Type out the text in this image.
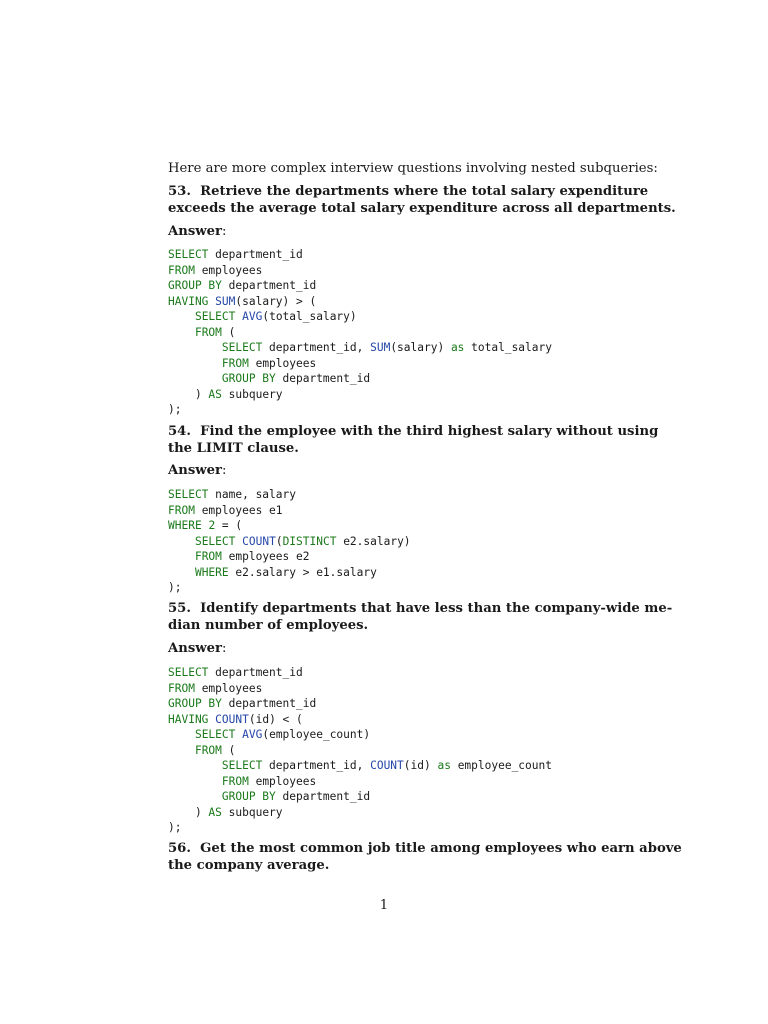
Here are more complex interview questions involving nested subqueries:
53. Retrieve the departments where the total salary expenditure
exceeds the average total salary expenditure across all departments.
Answer:
SELECT department_id
FROM employees
GROUP BY department_id
HAVING SUM(salary) > (
SELECT AVG(total_salary)
FROM (
SELECT department_id, SUM(salary) as total_salary
FROM employees
GROUP BY department_id
) AS subquery
);
54. Find the employee with the third highest salary without using
the LIMIT clause.
Answer:
SELECT name, salary
FROM employees e1
WHERE 2 = (
SELECT COUNT(DISTINCT e2.salary)
FROM employees e2
WHERE e2.salary > e1.salary
);
55. Identify departments that have less than the company-wide me-
dian number of employees.
Answer:
SELECT department_id
FROM employees
GROUP BY department_id
HAVING COUNT(id) < (
SELECT AVG(employee_count)
FROM (
SELECT department_id, COUNT(id) as employee_count
FROM employees
GROUP BY department_id
) AS subquery
);
56. Get the most common job title among employees who earn above
the company average.
1
